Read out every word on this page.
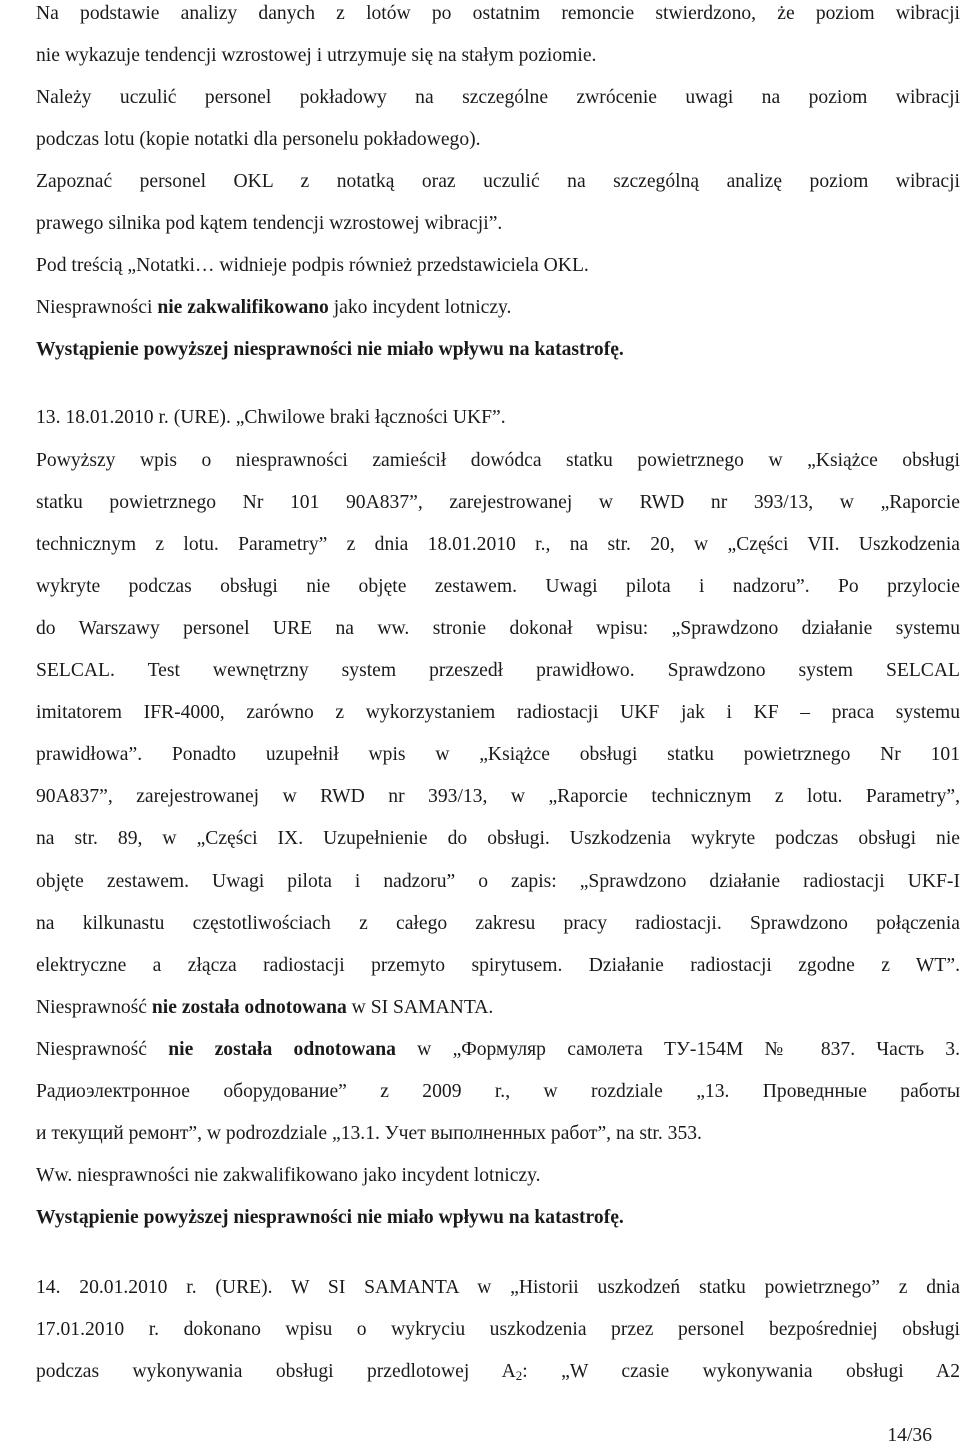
Na podstawie analizy danych z lotów po ostatnim remoncie stwierdzono, że poziom wibracji
nie wykazuje tendencji wzrostowej i utrzymuje się na stałym poziomie.
Należy uczulić personel pokładowy na szczególne zwrócenie uwagi na poziom wibracji
podczas lotu (kopie notatki dla personelu pokładowego).
Zapoznać personel OKL z notatką oraz uczulić na szczególną analizę poziom wibracji
prawego silnika pod kątem tendencji wzrostowej wibracji”.
Pod treścią „Notatki… widnieje podpis również przedstawiciela OKL.
Niesprawności nie zakwalifikowano jako incydent lotniczy.
Wystąpienie powyższej niesprawności nie miało wpływu na katastrofę.
13. 18.01.2010 r. (URE). „Chwilowe braki łączności UKF”.
Powyższy wpis o niesprawności zamieścił dowódca statku powietrznego w „Książce obsługi
statku powietrznego Nr 101 90A837”, zarejestrowanej w RWD nr 393/13, w „Raporcie
technicznym z lotu. Parametry” z dnia 18.01.2010 r., na str. 20, w „Części VII. Uszkodzenia
wykryte podczas obsługi nie objęte zestawem. Uwagi pilota i nadzoru”. Po przylocie
do Warszawy personel URE na ww. stronie dokonał wpisu: „Sprawdzono działanie systemu
SELCAL. Test wewnętrzny system przeszedł prawidłowo. Sprawdzono system SELCAL
imitatorem IFR-4000, zarówno z wykorzystaniem radiostacji UKF jak i KF – praca systemu
prawidłowa”. Ponadto uzupełnił wpis w „Książce obsługi statku powietrznego Nr 101
90A837”, zarejestrowanej w RWD nr 393/13, w „Raporcie technicznym z lotu. Parametry”,
na str. 89, w „Części IX. Uzupełnienie do obsługi. Uszkodzenia wykryte podczas obsługi nie
objęte zestawem. Uwagi pilota i nadzoru” o zapis: „Sprawdzono działanie radiostacji UKF-I
na kilkunastu częstotliwościach z całego zakresu pracy radiostacji. Sprawdzono połączenia
elektryczne a złącza radiostacji przemyto spirytusem. Działanie radiostacji zgodne z WT”.
Niesprawność nie została odnotowana w SI SAMANTA.
Niesprawność nie została odnotowana w „Формуляр самолета ТУ-154М № 837. Часть 3.
Радиоэлектронное оборудование” z 2009 r., w rozdziale „13. Проведнные работы
и текущий ремонт”, w podrozdziale „13.1. Учет выполненных работ”, na str. 353.
Ww. niesprawności nie zakwalifikowano jako incydent lotniczy.
Wystąpienie powyższej niesprawności nie miało wpływu na katastrofę.
14. 20.01.2010 r. (URE). W SI SAMANTA w „Historii uszkodzeń statku powietrznego” z dnia
17.01.2010 r. dokonano wpisu o wykryciu uszkodzenia przez personel bezpośredniej obsługi
podczas wykonywania obsługi przedlotowej $A_2$: „W czasie wykonywania obsługi A2
14/36
